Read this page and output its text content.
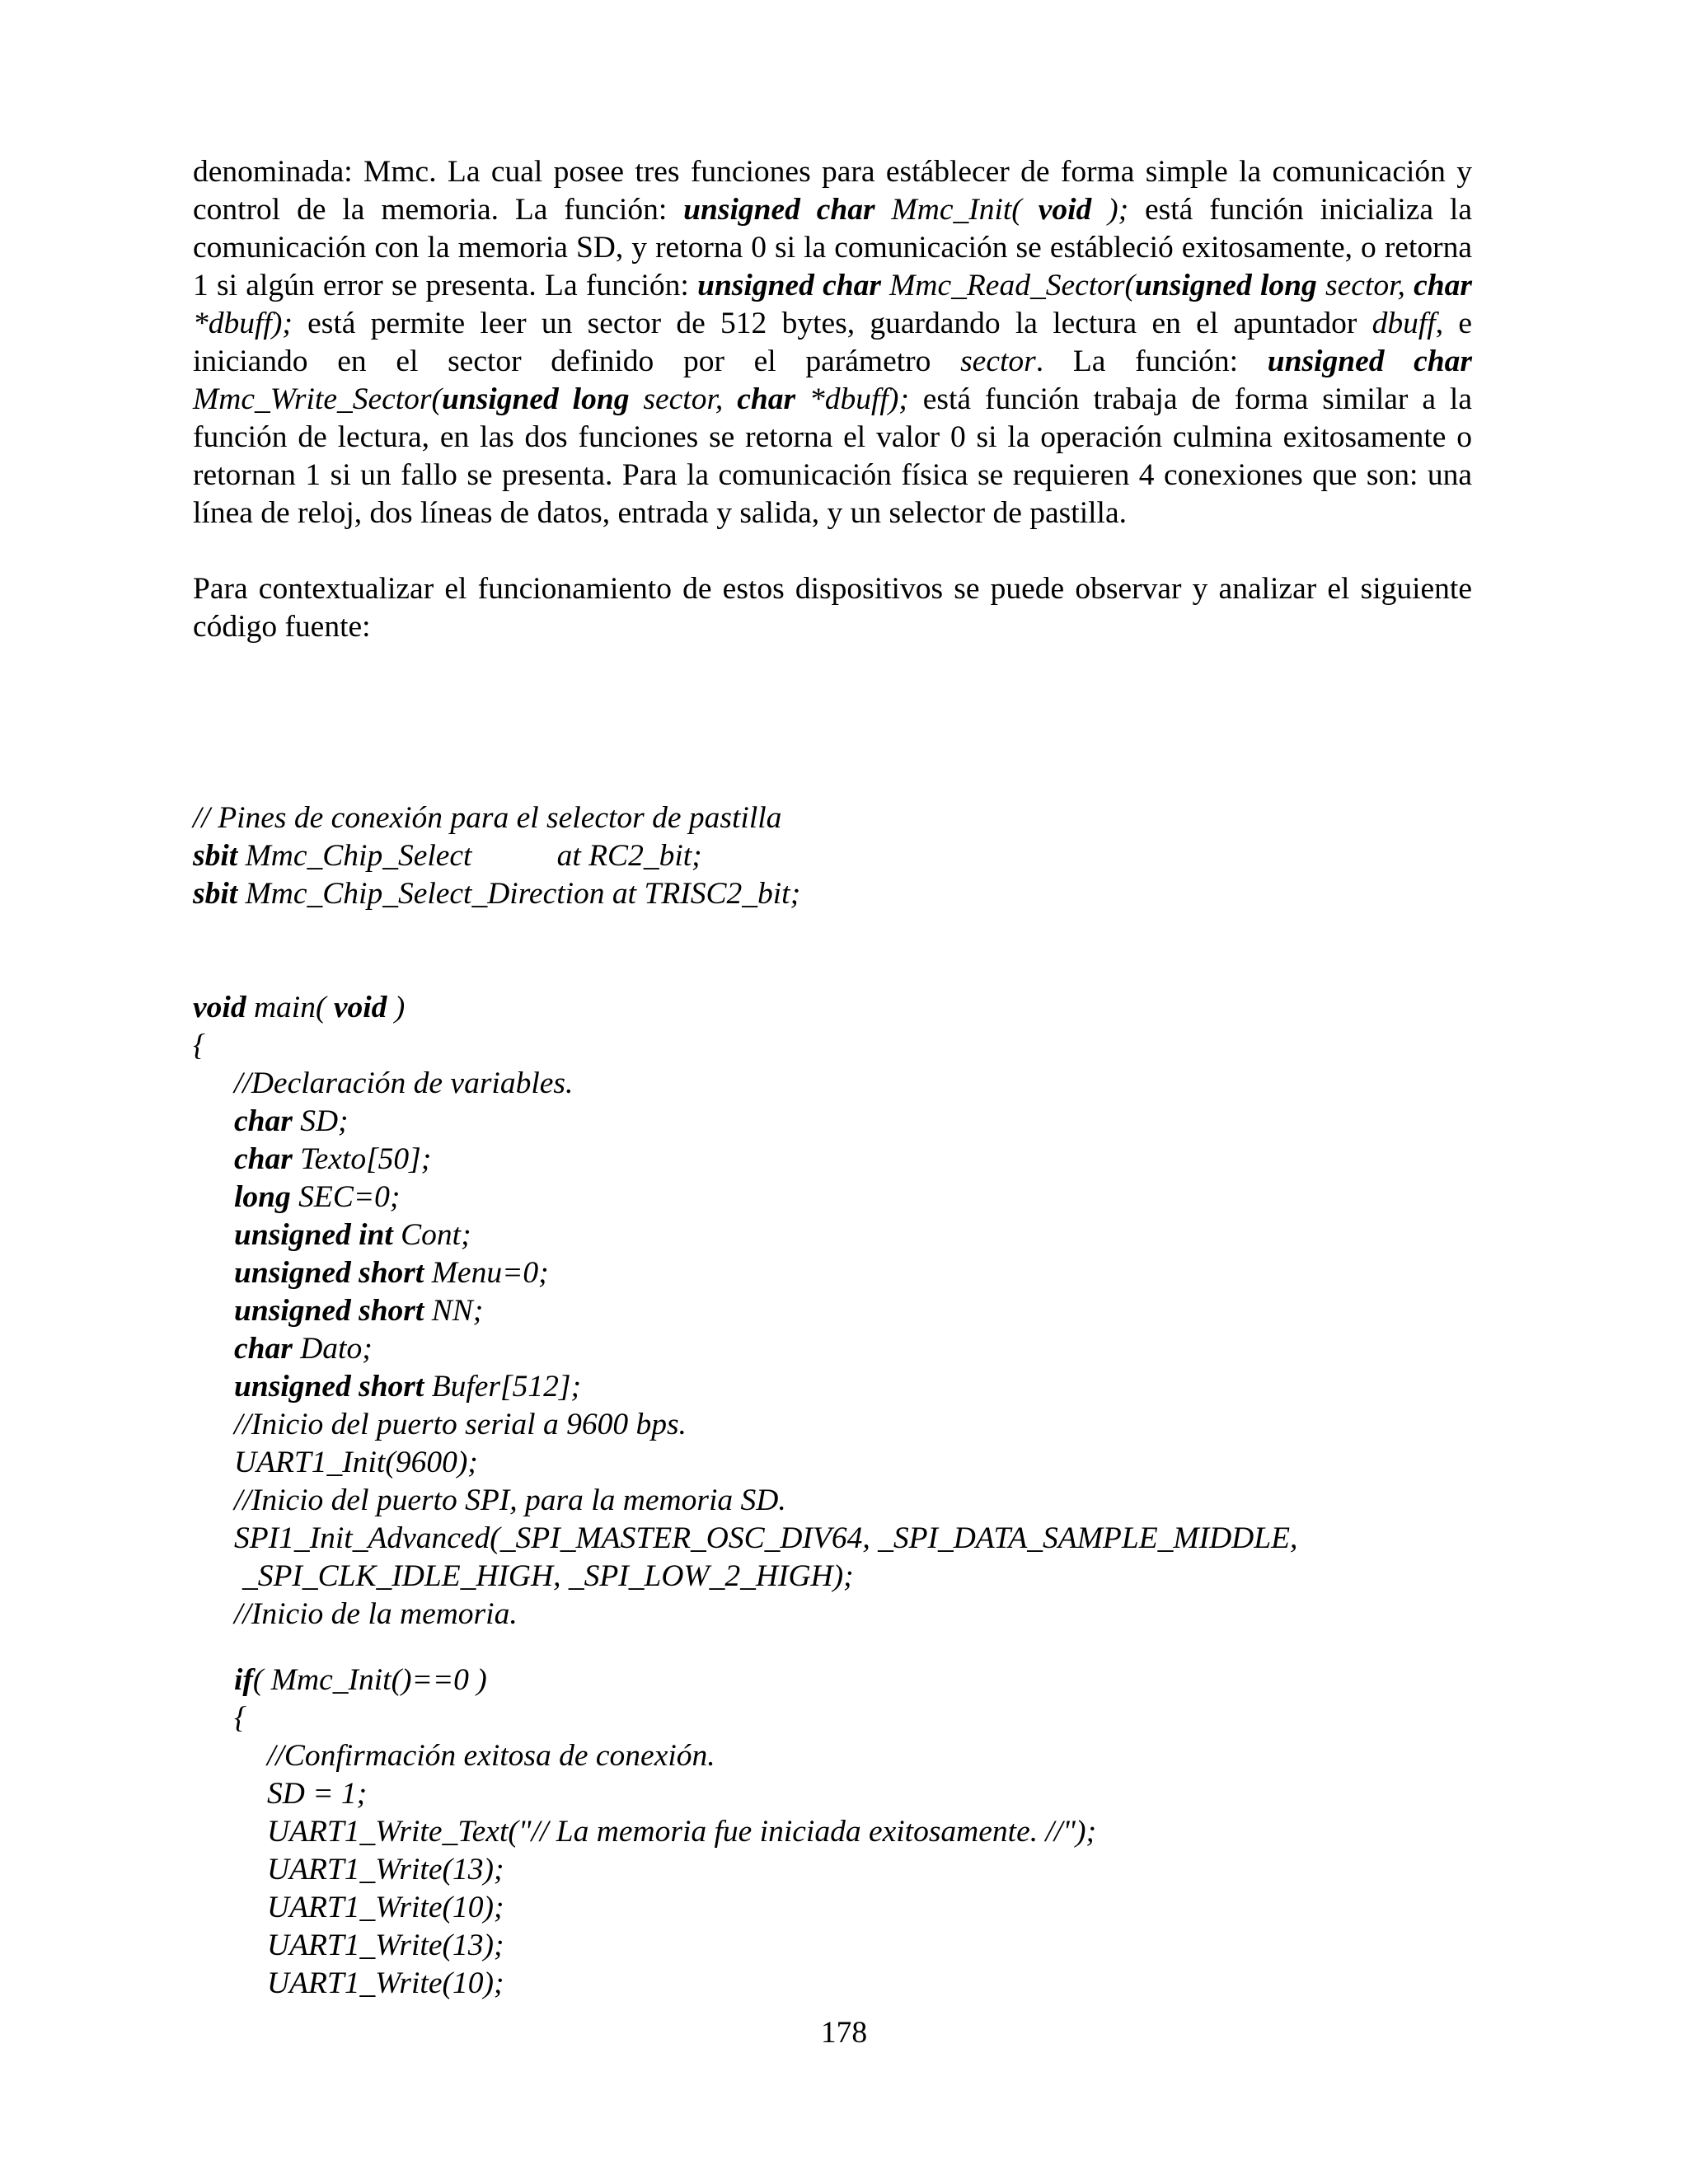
denominada: Mmc. La cual posee tres funciones para estáblecer de forma simple la comunicación y control de la memoria. La función: unsigned char Mmc_Init( void ); está función inicializa la comunicación con la memoria SD, y retorna 0 si la comunicación se estábleció exitosamente, o retorna 1 si algún error se presenta. La función: unsigned char Mmc_Read_Sector(unsigned long sector, char *dbuff); está permite leer un sector de 512 bytes, guardando la lectura en el apuntador dbuff, e iniciando en el sector definido por el parámetro sector. La función: unsigned char Mmc_Write_Sector(unsigned long sector, char *dbuff); está función trabaja de forma similar a la función de lectura, en las dos funciones se retorna el valor 0 si la operación culmina exitosamente o retornan 1 si un fallo se presenta. Para la comunicación física se requieren 4 conexiones que son: una línea de reloj, dos líneas de datos, entrada y salida, y un selector de pastilla.

Para contextualizar el funcionamiento de estos dispositivos se puede observar y analizar el siguiente código fuente:

// Pines de conexión para el selector de pastilla
sbit Mmc_Chip_Select           at RC2_bit;
sbit Mmc_Chip_Select_Direction at TRISC2_bit;
void main( void )
{
//Declaración de variables.
char SD;
char Texto[50];
long SEC=0;
unsigned int Cont;
unsigned short Menu=0;
unsigned short NN;
char Dato;
unsigned short Bufer[512];
//Inicio del puerto serial a 9600 bps.
UART1_Init(9600);
//Inicio del puerto SPI, para la memoria SD.
SPI1_Init_Advanced(_SPI_MASTER_OSC_DIV64, _SPI_DATA_SAMPLE_MIDDLE,
_SPI_CLK_IDLE_HIGH, _SPI_LOW_2_HIGH);
//Inicio de la memoria.
if( Mmc_Init()==0 )
{
//Confirmación exitosa de conexión.
SD = 1;
UART1_Write_Text("// La memoria fue iniciada exitosamente. //");
UART1_Write(13);
UART1_Write(10);
UART1_Write(13);
UART1_Write(10);
178
